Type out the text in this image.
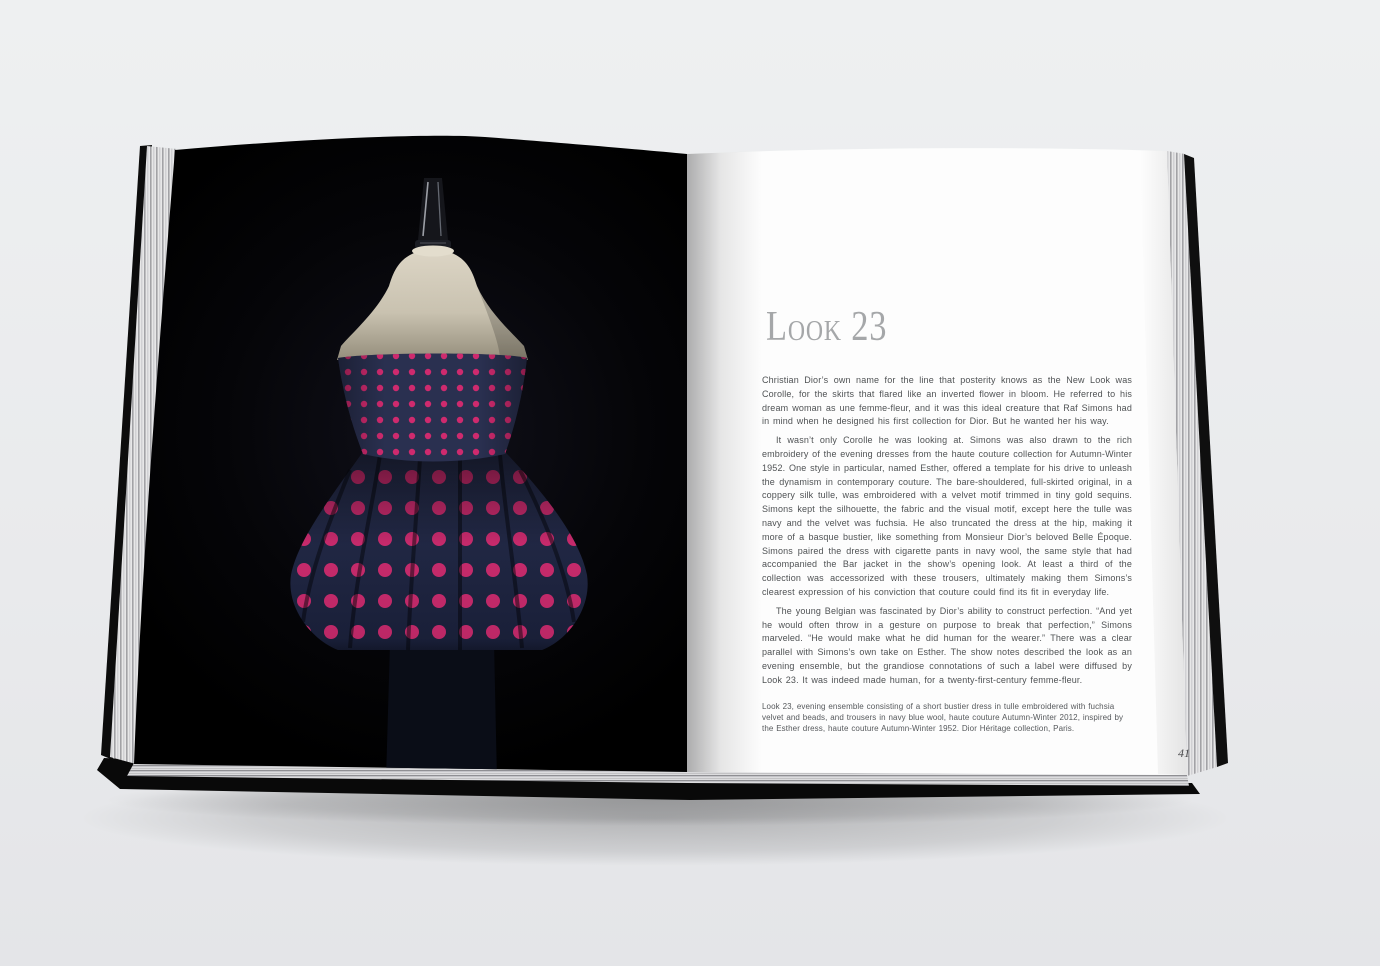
Look 23

Christian Dior’s own name for the line that posterity knows as the New Look was Corolle, for the skirts that flared like an inverted flower in bloom. He referred to his dream woman as une femme-fleur, and it was this ideal creature that Raf Simons had in mind when he designed his first collection for Dior. But he wanted her his way.

It wasn’t only Corolle he was looking at. Simons was also drawn to the rich embroidery of the evening dresses from the haute couture collection for Autumn-Winter 1952. One style in particular, named Esther, offered a template for his drive to unleash the dynamism in contemporary couture. The bare-shouldered, full-skirted original, in a coppery silk tulle, was embroidered with a velvet motif trimmed in tiny gold sequins. Simons kept the silhouette, the fabric and the visual motif, except here the tulle was navy and the velvet was fuchsia. He also truncated the dress at the hip, making it more of a basque bustier, like something from Monsieur Dior’s beloved Belle Époque. Simons paired the dress with cigarette pants in navy wool, the same style that had accompanied the Bar jacket in the show’s opening look. At least a third of the collection was accessorized with these trousers, ultimately making them Simons’s clearest expression of his conviction that couture could find its fit in everyday life.

The young Belgian was fascinated by Dior’s ability to construct perfection. “And yet he would often throw in a gesture on purpose to break that perfection,” Simons marveled. “He would make what he did human for the wearer.” There was a clear parallel with Simons’s own take on Esther. The show notes described the look as an evening ensemble, but the grandiose connotations of such a label were diffused by Look 23. It was indeed made human, for a twenty-first-century femme-fleur.

Look 23, evening ensemble consisting of a short bustier dress in tulle embroidered with fuchsia velvet and beads, and trousers in navy blue wool, haute couture Autumn-Winter 2012, inspired by the Esther dress, haute couture Autumn-Winter 1952. Dior Héritage collection, Paris.

41
